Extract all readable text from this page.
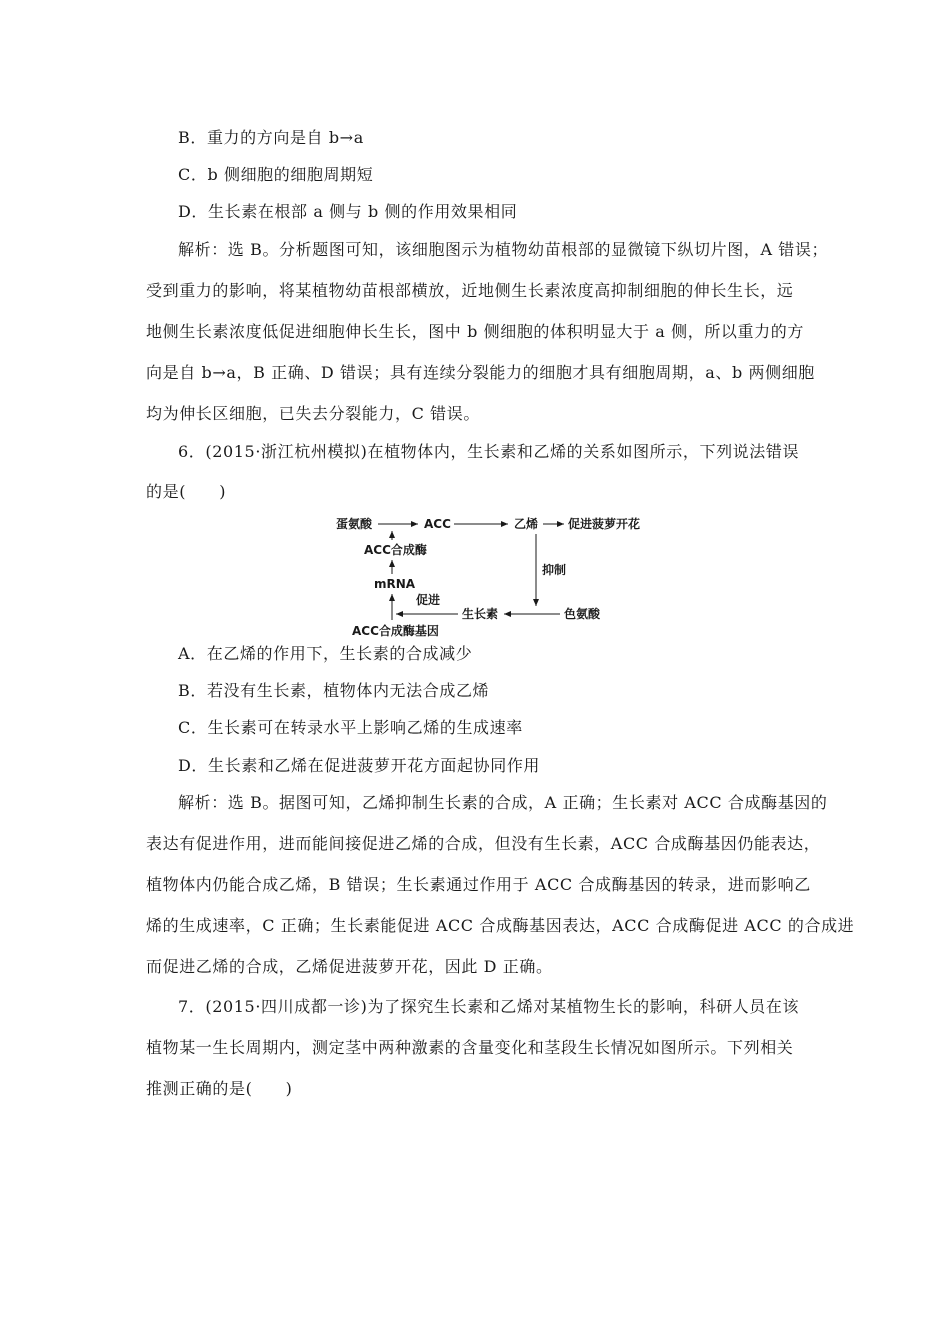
B．重力的方向是自 b→a
C．b 侧细胞的细胞周期短
D．生长素在根部 a 侧与 b 侧的作用效果相同
解析：选 B。分析题图可知，该细胞图示为植物幼苗根部的显微镜下纵切片图，A 错误；
受到重力的影响，将某植物幼苗根部横放，近地侧生长素浓度高抑制细胞的伸长生长，远
地侧生长素浓度低促进细胞伸长生长，图中 b 侧细胞的体积明显大于 a 侧，所以重力的方
向是自 b→a，B 正确、D 错误；具有连续分裂能力的细胞才具有细胞周期，a、b 两侧细胞
均为伸长区细胞，已失去分裂能力，C 错误。
6．(2015·浙江杭州模拟)在植物体内，生长素和乙烯的关系如图所示，下列说法错误
的是(　　)
蛋氨酸	ACC	乙烯 促进菠萝开花
ACC合成酶
mRNA
抑制
促进
生长素	色氨酸
ACC合成酶基因
A．在乙烯的作用下，生长素的合成减少
B．若没有生长素，植物体内无法合成乙烯
C．生长素可在转录水平上影响乙烯的生成速率
D．生长素和乙烯在促进菠萝开花方面起协同作用
解析：选 B。据图可知，乙烯抑制生长素的合成，A 正确；生长素对 ACC 合成酶基因的
表达有促进作用，进而能间接促进乙烯的合成，但没有生长素，ACC 合成酶基因仍能表达，
植物体内仍能合成乙烯，B 错误；生长素通过作用于 ACC 合成酶基因的转录，进而影响乙
烯的生成速率，C 正确；生长素能促进 ACC 合成酶基因表达，ACC 合成酶促进 ACC 的合成进
而促进乙烯的合成，乙烯促进菠萝开花，因此 D 正确。
7．(2015·四川成都一诊)为了探究生长素和乙烯对某植物生长的影响，科研人员在该
植物某一生长周期内，测定茎中两种激素的含量变化和茎段生长情况如图所示。下列相关
推测正确的是(　　)
